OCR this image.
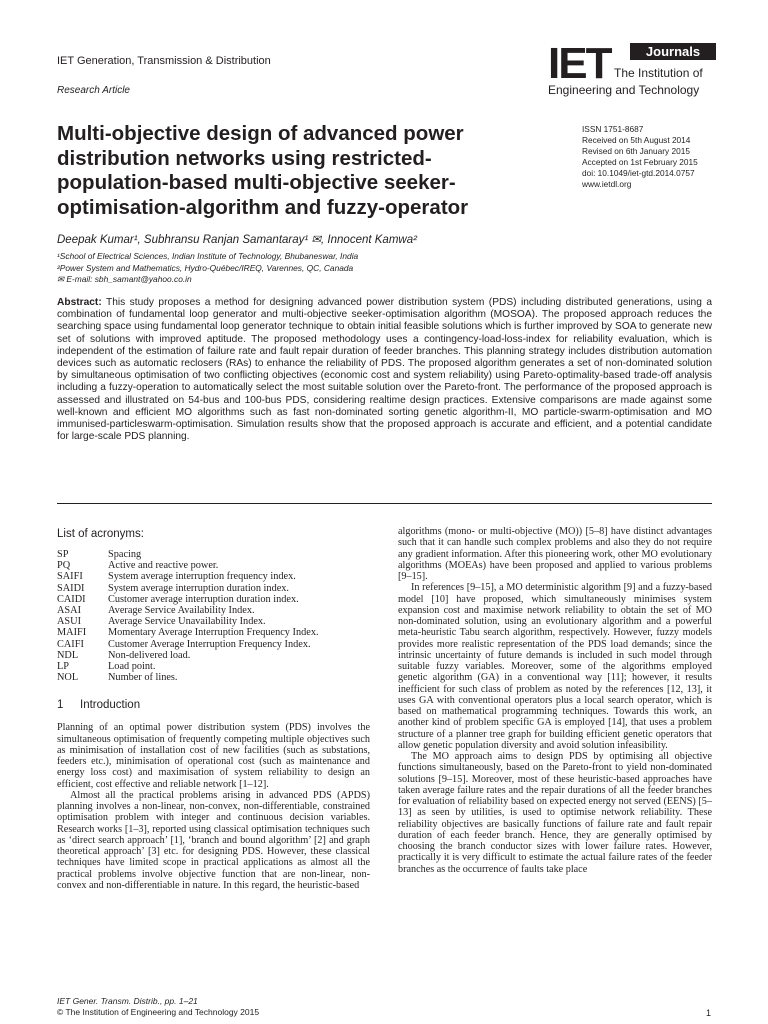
IET Generation, Transmission & Distribution
Research Article
IET	Journals
The Institution of
Engineering and Technology
Multi-objective design of advanced power distribution networks using restricted-population-based multi-objective seeker-optimisation-algorithm and fuzzy-operator
ISSN 1751-8687
Received on 5th August 2014
Revised on 6th January 2015
Accepted on 1st February 2015
doi: 10.1049/iet-gtd.2014.0757
www.ietdl.org
Deepak Kumar¹, Subhransu Ranjan Samantaray¹ ✉, Innocent Kamwa²
¹School of Electrical Sciences, Indian Institute of Technology, Bhubaneswar, India
²Power System and Mathematics, Hydro-Québec/IREQ, Varennes, QC, Canada
✉ E-mail: sbh_samant@yahoo.co.in
Abstract: This study proposes a method for designing advanced power distribution system (PDS) including distributed generations, using a combination of fundamental loop generator and multi-objective seeker-optimisation algorithm (MOSOA). The proposed approach reduces the searching space using fundamental loop generator technique to obtain initial feasible solutions which is further improved by SOA to generate new set of solutions with improved aptitude. The proposed methodology uses a contingency-load-loss-index for reliability evaluation, which is independent of the estimation of failure rate and fault repair duration of feeder branches. This planning strategy includes distribution automation devices such as automatic reclosers (RAs) to enhance the reliability of PDS. The proposed algorithm generates a set of non-dominated solution by simultaneous optimisation of two conflicting objectives (economic cost and system reliability) using Pareto-optimality-based trade-off analysis including a fuzzy-operation to automatically select the most suitable solution over the Pareto-front. The performance of the proposed approach is assessed and illustrated on 54-bus and 100-bus PDS, considering realtime design practices. Extensive comparisons are made against some well-known and efficient MO algorithms such as fast non-dominated sorting genetic algorithm-II, MO particle-swarm-optimisation and MO immunised-particleswarm-optimisation. Simulation results show that the proposed approach is accurate and efficient, and a potential candidate for large-scale PDS planning.
List of acronyms:
SP	Spacing
PQ	Active and reactive power.
SAIFI	System average interruption frequency index.
SAIDI	System average interruption duration index.
CAIDI	Customer average interruption duration index.
ASAI	Average Service Availability Index.
ASUI	Average Service Unavailability Index.
MAIFI	Momentary Average Interruption Frequency Index.
CAIFI	Customer Average Interruption Frequency Index.
NDL	Non-delivered load.
LP	Load point.
NOL	Number of lines.
1	Introduction

Planning of an optimal power distribution system (PDS) involves the simultaneous optimisation of frequently competing multiple objectives such as minimisation of installation cost of new facilities (such as substations, feeders etc.), minimisation of operational cost (such as maintenance and energy loss cost) and maximisation of system reliability to design an efficient, cost effective and reliable network [1–12].

Almost all the practical problems arising in advanced PDS (APDS) planning involves a non-linear, non-convex, non-differentiable, constrained optimisation problem with integer and continuous decision variables. Research works [1–3], reported using classical optimisation techniques such as ‘direct search approach’ [1], ‘branch and bound algorithm’ [2] and graph theoretical approach’ [3] etc. for designing PDS. However, these classical techniques have limited scope in practical applications as almost all the practical problems involve objective function that are non-linear, non-convex and non-differentiable in nature. In this regard, the heuristic-based

algorithms (mono- or multi-objective (MO)) [5–8] have distinct advantages such that it can handle such complex problems and also they do not require any gradient information. After this pioneering work, other MO evolutionary algorithms (MOEAs) have been proposed and applied to various problems [9–15].

In references [9–15], a MO deterministic algorithm [9] and a fuzzy-based model [10] have proposed, which simultaneously minimises system expansion cost and maximise network reliability to obtain the set of MO non-dominated solution, using an evolutionary algorithm and a powerful meta-heuristic Tabu search algorithm, respectively. However, fuzzy models provides more realistic representation of the PDS load demands; since the intrinsic uncertainty of future demands is included in such model through suitable fuzzy variables. Moreover, some of the algorithms employed genetic algorithm (GA) in a conventional way [11]; however, it results inefficient for such class of problem as noted by the references [12, 13], it uses GA with conventional operators plus a local search operator, which is based on mathematical programming techniques. Towards this work, an another kind of problem specific GA is employed [14], that uses a problem structure of a planner tree graph for building efficient genetic operators that allow genetic population diversity and avoid solution infeasibility.

The MO approach aims to design PDS by optimising all objective functions simultaneously, based on the Pareto-front to yield non-dominated solutions [9–15]. Moreover, most of these heuristic-based approaches have taken average failure rates and the repair durations of all the feeder branches for evaluation of reliability based on expected energy not served (EENS) [5–13] as seen by utilities, is used to optimise network reliability. These reliability objectives are basically functions of failure rate and fault repair duration of each feeder branch. Hence, they are generally optimised by choosing the branch conductor sizes with lower failure rates. However, practically it is very difficult to estimate the actual failure rates of the feeder branches as the occurrence of faults take place

IET Gener. Transm. Distrib., pp. 1–21
© The Institution of Engineering and Technology 2015	1
